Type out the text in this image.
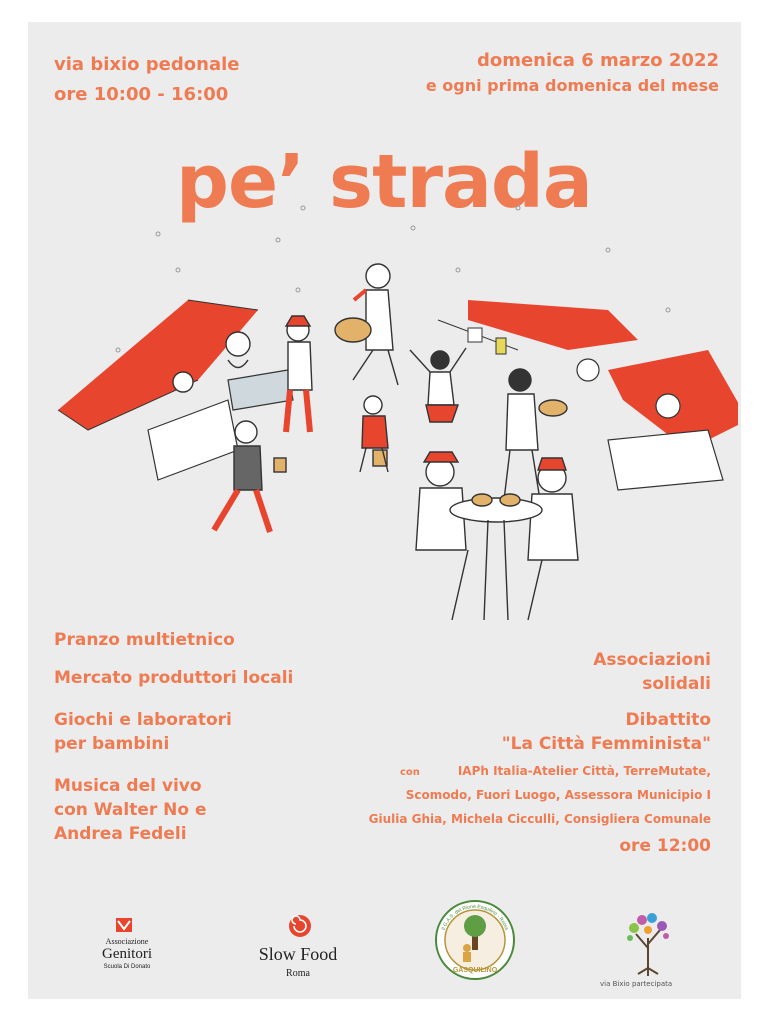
via bixio pedonale
ore 10:00 - 16:00
domenica 6 marzo 2022
e ogni prima domenica del mese
pe’ strada
Pranzo multietnico
Mercato produttori locali
Giochi e laboratori
per bambini
Musica del vivo
con Walter No e
Andrea Fedeli
Associazioni
solidali
Dibattito
"La Città Femminista"
con	IAPh Italia-Atelier Città, TerreMutate,
Scomodo, Fuori Luogo, Assessora Municipio I
Giulia Ghia, Michela Cicculli, Consigliera Comunale
ore 12:00
Associazione
Genitori
Scuola Di Donato
Slow Food
Roma
Il G.A.S. del Rione Esquilino - Roma
GASQUILINO
via Bixio partecipata
